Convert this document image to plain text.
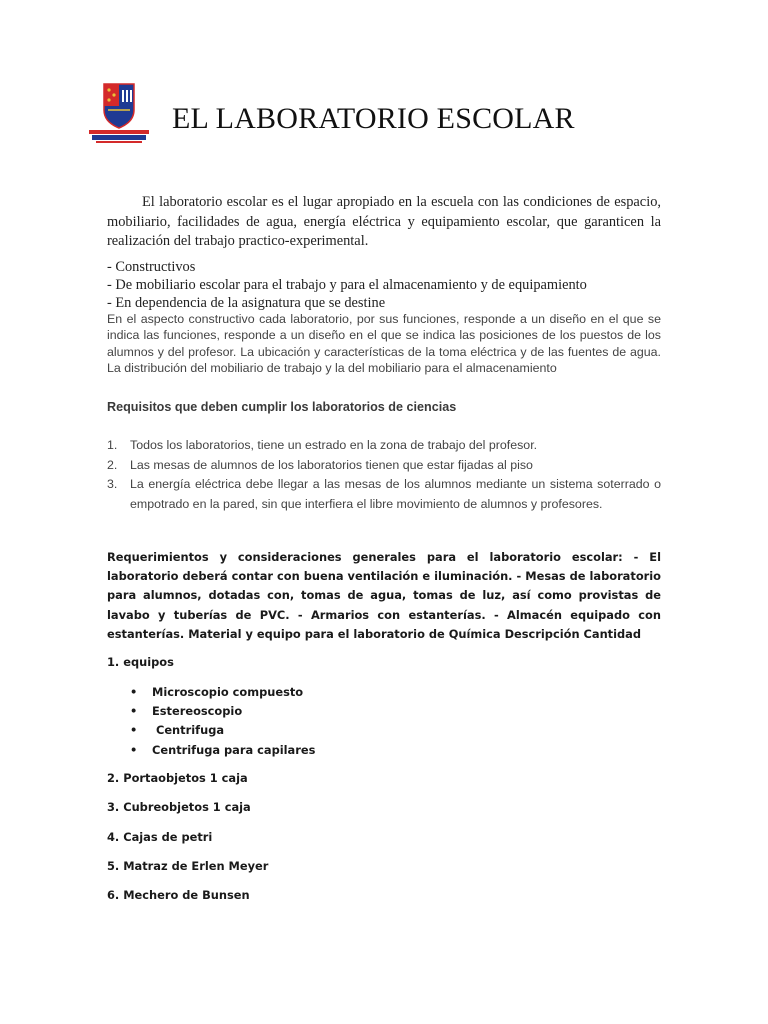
EL LABORATORIO ESCOLAR

El laboratorio escolar es el lugar apropiado en la escuela con las condiciones de espacio, mobiliario, facilidades de agua, energía eléctrica y equipamiento escolar, que garanticen la realización del trabajo practico-experimental.

- Constructivos
- De mobiliario escolar para el trabajo y para el almacenamiento y de equipamiento
- En dependencia de la asignatura que se destine

En el aspecto constructivo cada laboratorio, por sus funciones, responde a un diseño en el que se indica las funciones, responde a un diseño en el que se indica las posiciones de los puestos de los alumnos y del profesor. La ubicación y características de la toma eléctrica y de las fuentes de agua. La distribución del mobiliario de trabajo y la del mobiliario para el almacenamiento

Requisitos que deben cumplir los laboratorios de ciencias

1. Todos los laboratorios, tiene un estrado en la zona de trabajo del profesor.
2. Las mesas de alumnos de los laboratorios tienen que estar fijadas al piso
3. La energía eléctrica debe llegar a las mesas de los alumnos mediante un sistema soterrado o empotrado en la pared, sin que interfiera el libre movimiento de alumnos y profesores.

Requerimientos y consideraciones generales para el laboratorio escolar: - El laboratorio deberá contar con buena ventilación e iluminación. - Mesas de laboratorio para alumnos, dotadas con, tomas de agua, tomas de luz, así como provistas de lavabo y tuberías de PVC. - Armarios con estanterías. - Almacén equipado con estanterías. Material y equipo para el laboratorio de Química Descripción Cantidad

1. equipos

• Microscopio compuesto
• Estereoscopio
• Centrifuga
• Centrifuga para capilares

2. Portaobjetos 1 caja

3. Cubreobjetos 1 caja

4. Cajas de petri

5. Matraz de Erlen Meyer

6. Mechero de Bunsen
